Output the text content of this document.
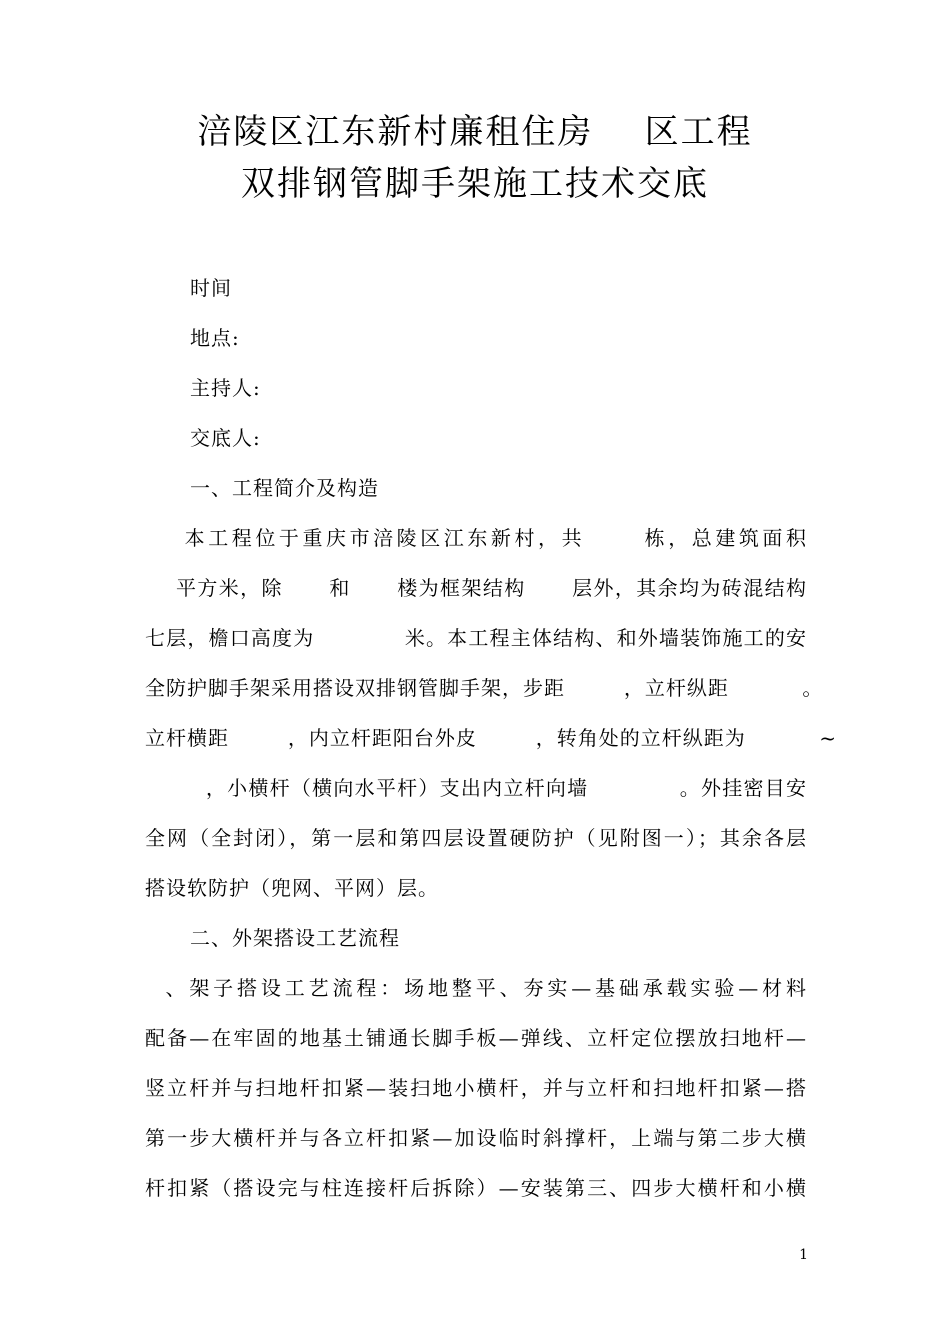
涪陵区江东新村廉租住房    区工程
双排钢管脚手架施工技术交底
时间
地点:
主持人:
交底人:
一、工程简介及构造
本工程位于重庆市涪陵区江东新村，共      栋，总建筑面积
平方米，除      和      楼为框架结构      层外，其余均为砖混结构
七层，檐口高度为            米。本工程主体结构、和外墙装饰施工的安
全防护脚手架采用搭设双排钢管脚手架，步距        ，立杆纵距          。
立杆横距        ，内立杆距阳台外皮        ，转角处的立杆纵距为          ~
，小横杆（横向水平杆）支出内立杆向墙            。外挂密目安
全网（全封闭），第一层和第四层设置硬防护（见附图一）；其余各层
搭设软防护（兜网、平网）层。
二、外架搭设工艺流程
、架子搭设工艺流程：场地整平、夯实—基础承载实验—材料
配备—在牢固的地基土铺通长脚手板—弹线、立杆定位摆放扫地杆—
竖立杆并与扫地杆扣紧—装扫地小横杆，并与立杆和扫地杆扣紧—搭
第一步大横杆并与各立杆扣紧—加设临时斜撑杆，上端与第二步大横
杆扣紧（搭设完与柱连接杆后拆除）—安装第三、四步大横杆和小横
1
